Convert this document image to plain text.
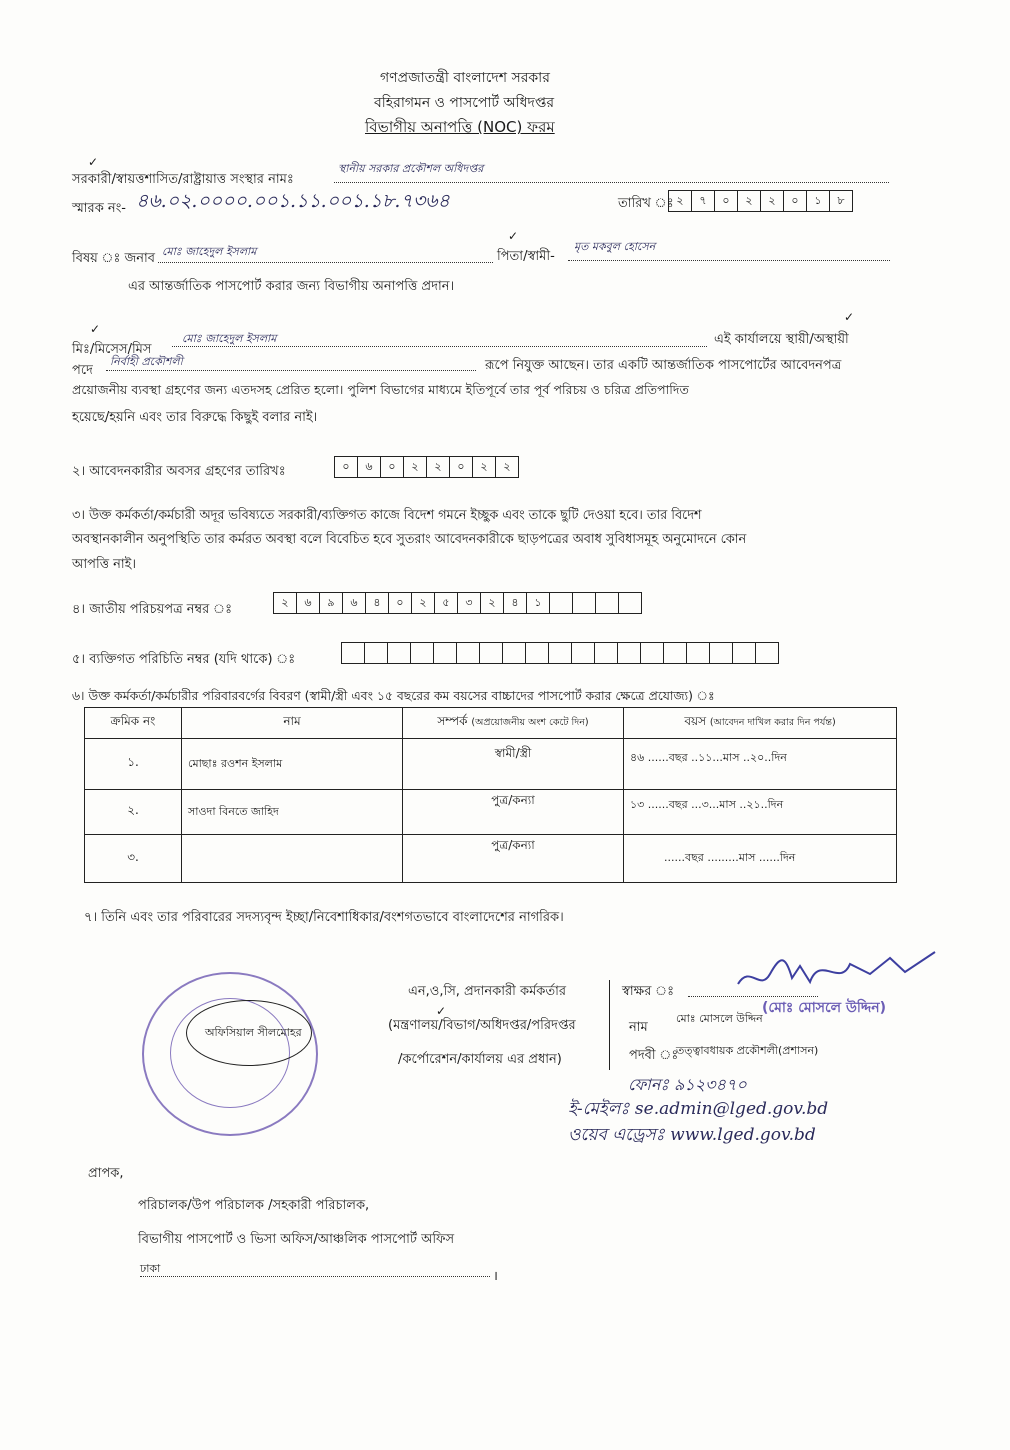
গণপ্রজাতন্ত্রী বাংলাদেশ সরকার
বহিরাগমন ও পাসপোর্ট অধিদপ্তর
বিভাগীয় অনাপত্তি (NOC) ফরম
✓
সরকারী/স্বায়ত্তশাসিত/রাষ্ট্রায়াত্ত সংস্থার নামঃ
স্থানীয় সরকার প্রকৌশল অধিদপ্তর
স্মারক নং- ৪৬.০২.০০০০.০০১.১১.০০১.১৮.৭৩৬৪	তারিখ ঃ ২ ৭ ০ ২ ২ ০ ১ ৮
বিষয় ঃ জনাব মোঃ জাহেদুল ইসলাম
✓
পিতা/স্বামী-
মৃত মকবুল হোসেন
এর আন্তর্জাতিক পাসপোর্ট করার জন্য বিভাগীয় অনাপত্তি প্রদান।
✓
✓
মিঃ/মিসেস/মিস
মোঃ জাহেদুল ইসলাম	এই কার্যালয়ে স্থায়ী/অস্থায়ী
পদে
নির্বাহী প্রকৌশলী	রূপে নিযুক্ত আছেন। তার একটি আন্তর্জাতিক পাসপোর্টের আবেদনপত্র
প্রয়োজনীয় ব্যবস্থা গ্রহণের জন্য এতদসহ প্রেরিত হলো। পুলিশ বিভাগের মাধ্যমে ইতিপূর্বে তার পূর্ব পরিচয় ও চরিত্র প্রতিপাদিত
হয়েছে/হয়নি এবং তার বিরুদ্ধে কিছুই বলার নাই।
২। আবেদনকারীর অবসর গ্রহণের তারিখঃ	০ ৬ ০ ২ ২ ০ ২ ২
৩। উক্ত কর্মকর্তা/কর্মচারী অদূর ভবিষ্যতে সরকারী/ব্যক্তিগত কাজে বিদেশ গমনে ইচ্ছুক এবং তাকে ছুটি দেওয়া হবে। তার বিদেশ
অবস্থানকালীন অনুপস্থিতি তার কর্মরত অবস্থা বলে বিবেচিত হবে সুতরাং আবেদনকারীকে ছাড়পত্রের অবাধ সুবিধাসমূহ অনুমোদনে কোন
আপত্তি নাই।
৪। জাতীয় পরিচয়পত্র নম্বর ঃ	২ ৬ ৯ ৬ ৪ ০ ২ ৫ ৩ ২ ৪ ১
৫। ব্যক্তিগত পরিচিতি নম্বর (যদি থাকে) ঃ
৬। উক্ত কর্মকর্তা/কর্মচারীর পরিবারবর্গের বিবরণ (স্বামী/স্ত্রী এবং ১৫ বছরের কম বয়সের বাচ্চাদের পাসপোর্ট করার ক্ষেত্রে প্রযোজ্য) ঃ
ক্রমিক নং	নাম	সম্পর্ক (অপ্রয়োজনীয় অংশ কেটে দিন)	বয়স (আবেদন দাখিল করার দিন পর্যন্ত)
১.	মোছাঃ রওশন ইসলাম	স্বামী/স্ত্রী	৪৬ ......বছর ..১১...মাস ..২০..দিন
২.	সাওদা বিনতে জাহিদ	পুত্র/কন্যা	১৩ ......বছর ...৩...মাস ..২১..দিন
৩.		পুত্র/কন্যা	......বছর .........মাস ......দিন
৭। তিনি এবং তার পরিবারের সদস্যবৃন্দ ইচ্ছা/নিবেশাধিকার/বংশগতভাবে বাংলাদেশের নাগরিক।
অফিসিয়াল সীলমোহর
এন,ও,সি, প্রদানকারী কর্মকর্তার
✓
(মন্ত্রণালয়/বিভাগ/অধিদপ্তর/পরিদপ্তর
/কর্পোরেশন/কার্যালয় এর প্রধান)
স্বাক্ষর ঃ
নাম
মোঃ মোসলে উদ্দিন
(মোঃ মোসলে উদ্দিন)
পদবী ঃ
তত্ত্বাবধায়ক প্রকৌশলী(প্রশাসন)
ফোনঃ ৯১২৩৪৭০
ই-মেইলঃ se.admin@lged.gov.bd
ওয়েব এড্রেসঃ www.lged.gov.bd
প্রাপক,
পরিচালক/উপ পরিচালক /সহকারী পরিচালক,
বিভাগীয় পাসপোর্ট ও ভিসা অফিস/আঞ্চলিক পাসপোর্ট অফিস
ঢাকা
।
